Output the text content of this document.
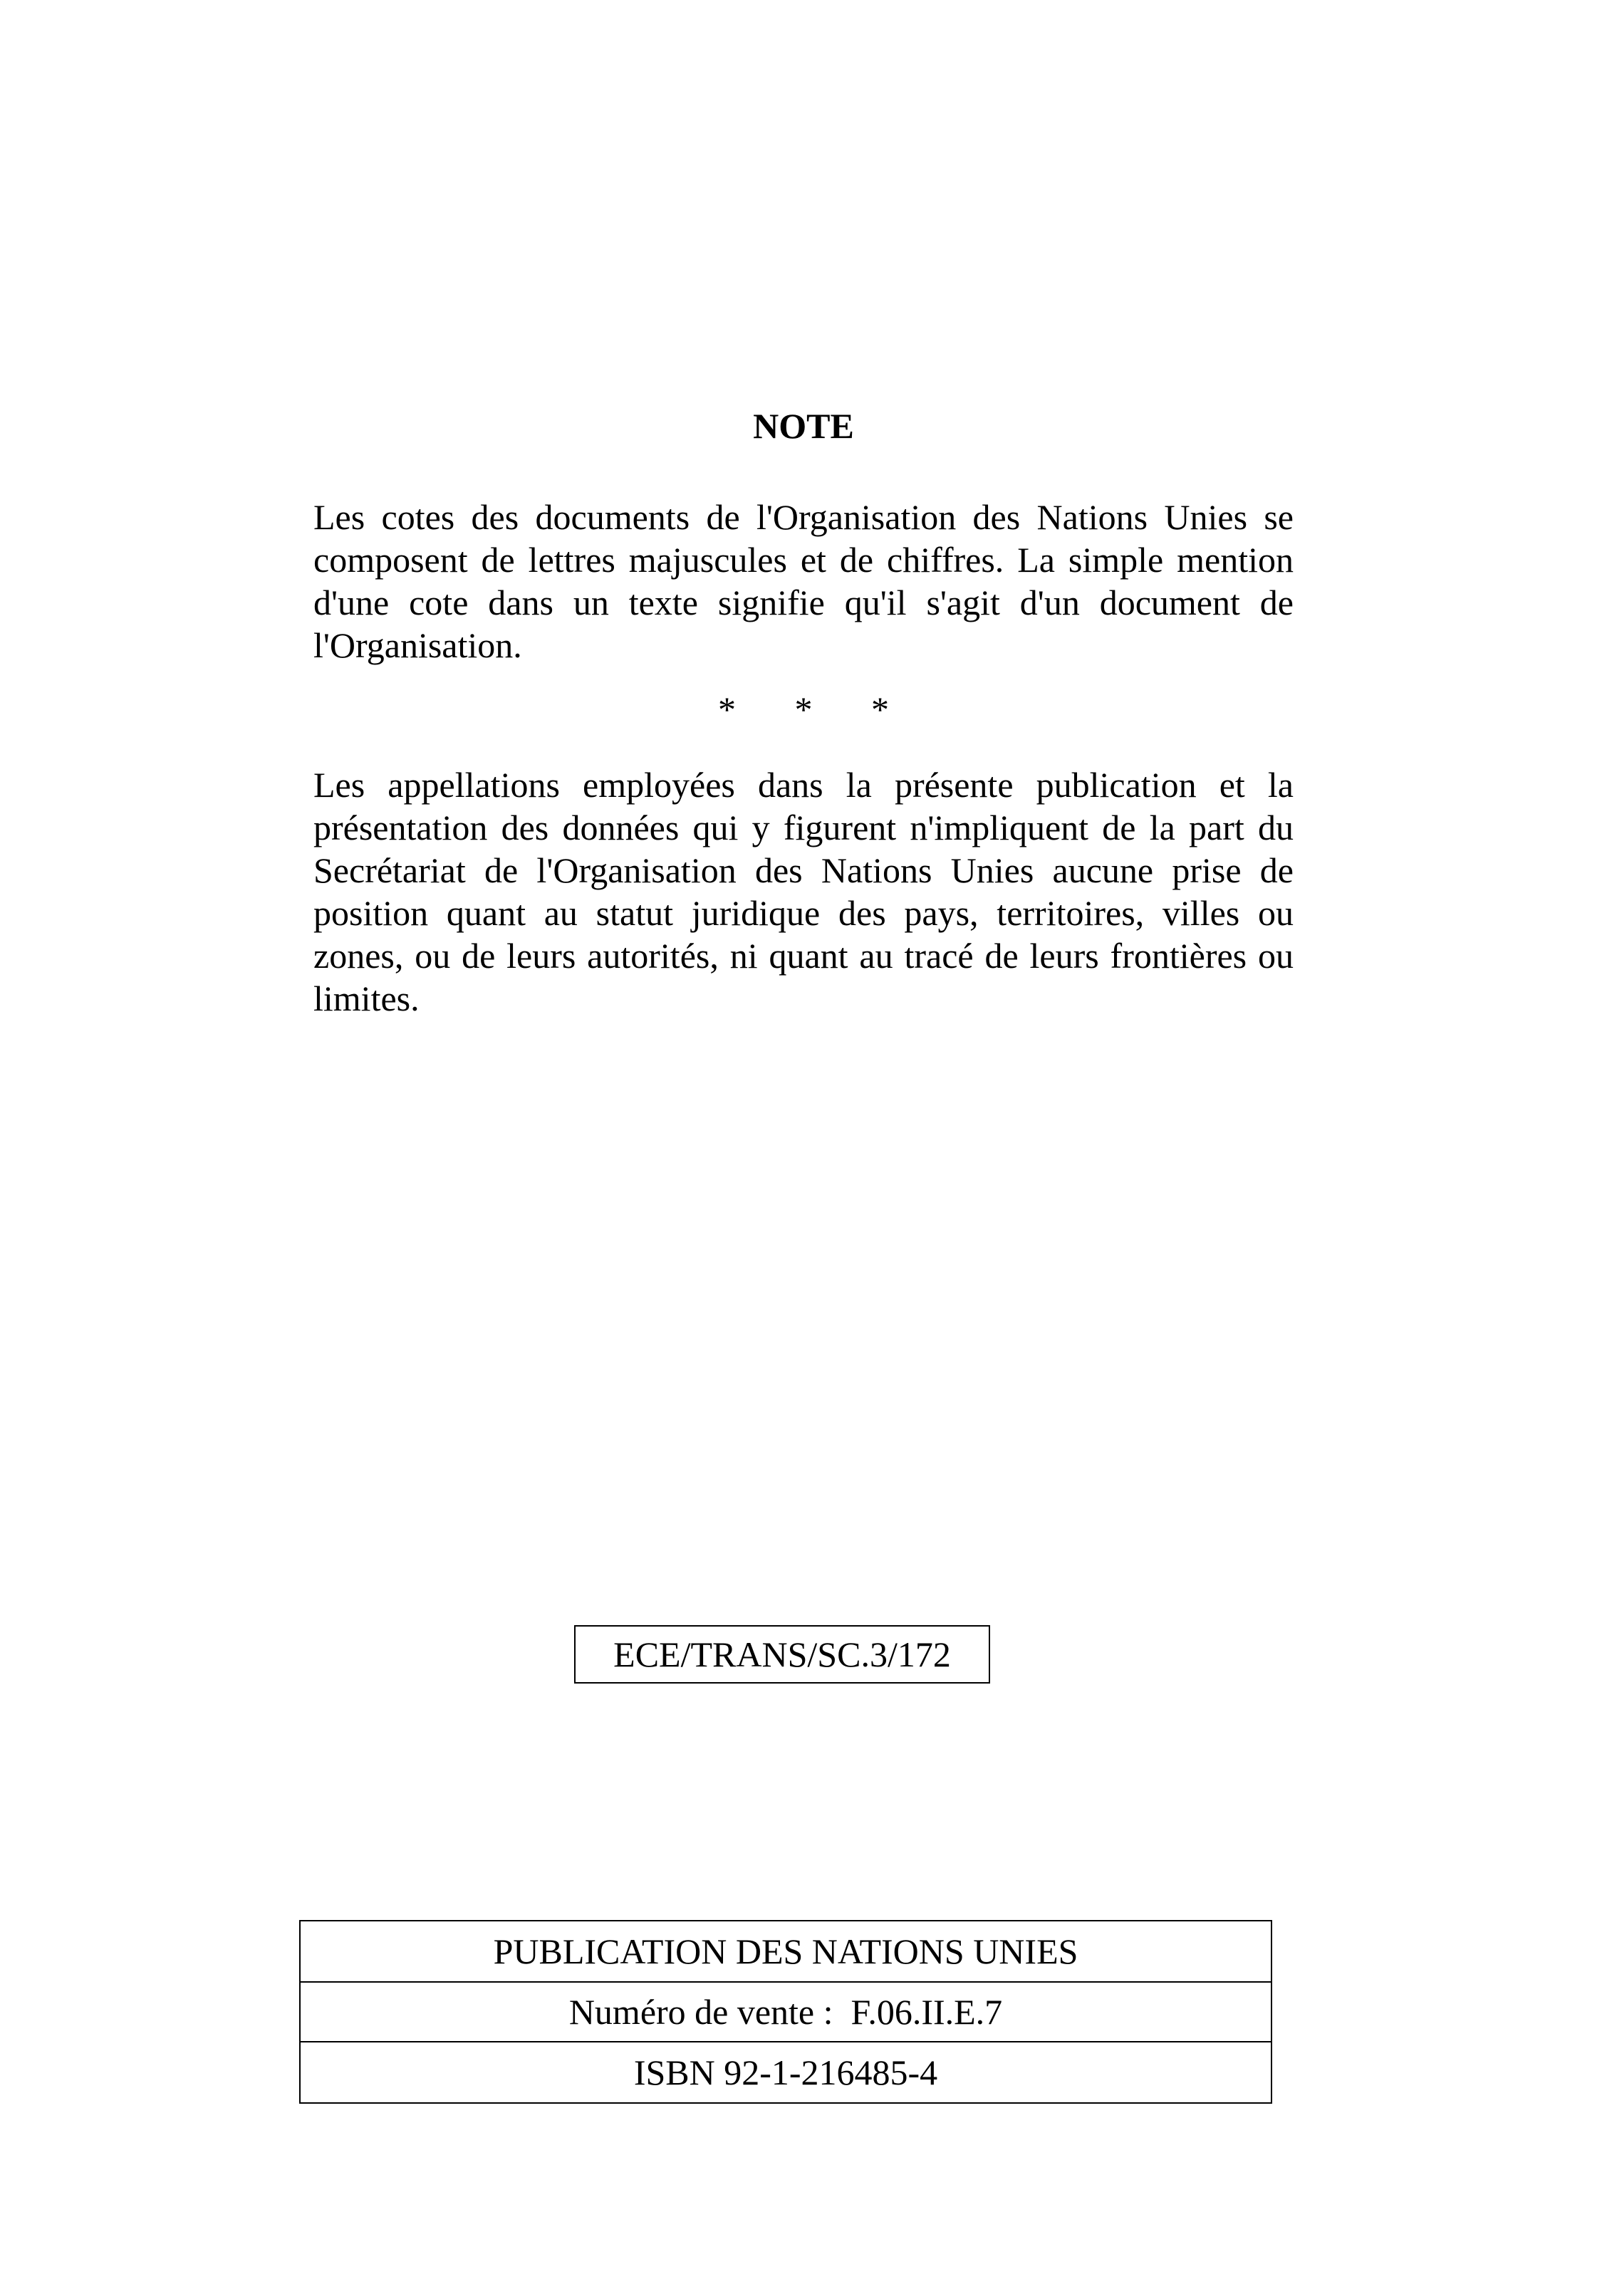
NOTE

Les cotes des documents de l'Organisation des Nations Unies se composent de lettres majuscules et de chiffres. La simple mention d'une cote dans un texte signifie qu'il s'agit d'un document de l'Organisation.

* * *

Les appellations employées dans la présente publication et la présentation des données qui y figurent n'impliquent de la part du Secrétariat de l'Organisation des Nations Unies aucune prise de position quant au statut juridique des pays, territoires, villes ou zones, ou de leurs autorités, ni quant au tracé de leurs frontières ou limites.

ECE/TRANS/SC.3/172
PUBLICATION DES NATIONS UNIES
Numéro de vente :  F.06.II.E.7
ISBN 92-1-216485-4
